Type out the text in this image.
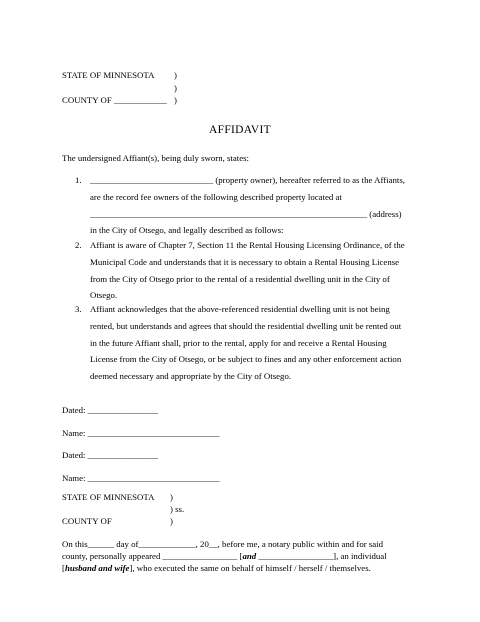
STATE OF MINNESOTA )
)
COUNTY OF ____________ )
AFFIDAVIT
The undersigned Affiant(s), being duly sworn, states:
1. ____________________________ (property owner), hereafter referred to as the Affiants,
are the record fee owners of the following described property located at
_______________________________________________________________ (address)
in the City of Otsego, and legally described as follows:
2. Affiant is aware of Chapter 7, Section 11 the Rental Housing Licensing Ordinance, of the
Municipal Code and understands that it is necessary to obtain a Rental Housing License
from the City of Otsego prior to the rental of a residential dwelling unit in the City of
Otsego.
3. Affiant acknowledges that the above-referenced residential dwelling unit is not being
rented, but understands and agrees that should the residential dwelling unit be rented out
in the future Affiant shall, prior to the rental, apply for and receive a Rental Housing
License from the City of Otsego, or be subject to fines and any other enforcement action
deemed necessary and appropriate by the City of Otsego.
Dated: ________________
Name: ______________________________
Dated: ________________
Name: ______________________________
STATE OF MINNESOTA )
) ss.
COUNTY OF	)

On this______ day of_____________, 20__, before me, a notary public within and for said

county, personally appeared _________________ [and _________________], an individual

[husband and wife], who executed the same on behalf of himself / herself / themselves.
